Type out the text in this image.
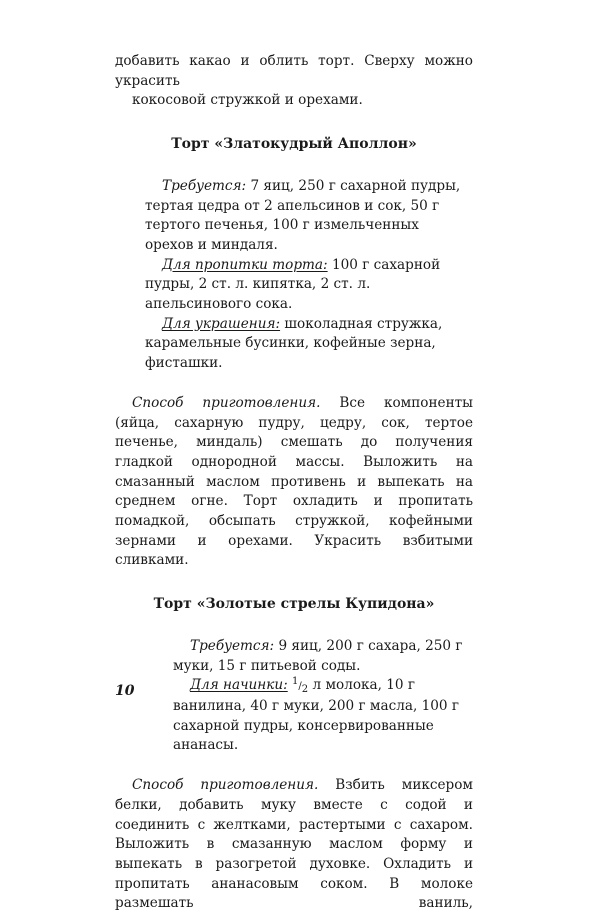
добавить какао и облить торт. Сверху можно украсить

кокосовой стружкой и орехами.

Торт «Златокудрый Аполлон»

Требуется: 7 яиц, 250 г сахарной пудры, тертая цедра от 2 апельсинов и сок, 50 г тертого печенья, 100 г измельченных орехов и миндаля.

Для пропитки торта: 100 г сахарной пудры, 2 ст. л. кипятка, 2 ст. л. апельсинового сока.

Для украшения: шоколадная стружка, карамельные бусинки, кофейные зерна, фисташки.

Способ приготовления. Все компоненты (яйца, сахарную пудру, цедру, сок, тертое печенье, миндаль) смешать до получения гладкой однородной массы. Выложить на смазанный маслом противень и выпекать на среднем огне. Торт охладить и пропитать помадкой, обсыпать стружкой, кофейными зернами и орехами. Украсить взбитыми сливками.

Торт «Золотые стрелы Купидона»

Требуется: 9 яиц, 200 г сахара, 250 г муки, 15 г питьевой соды.

Для начинки: 1/2 л молока, 10 г ванилина, 40 г муки, 200 г масла, 100 г сахарной пудры, консервированные ананасы.

Способ приготовления. Взбить миксером белки, добавить муку вместе с содой и соединить с желтками, растертыми с сахаром. Выложить в смазанную маслом форму и выпекать в разогретой духовке. Охладить и пропитать ананасовым соком. В молоке размешать ваниль,

10
